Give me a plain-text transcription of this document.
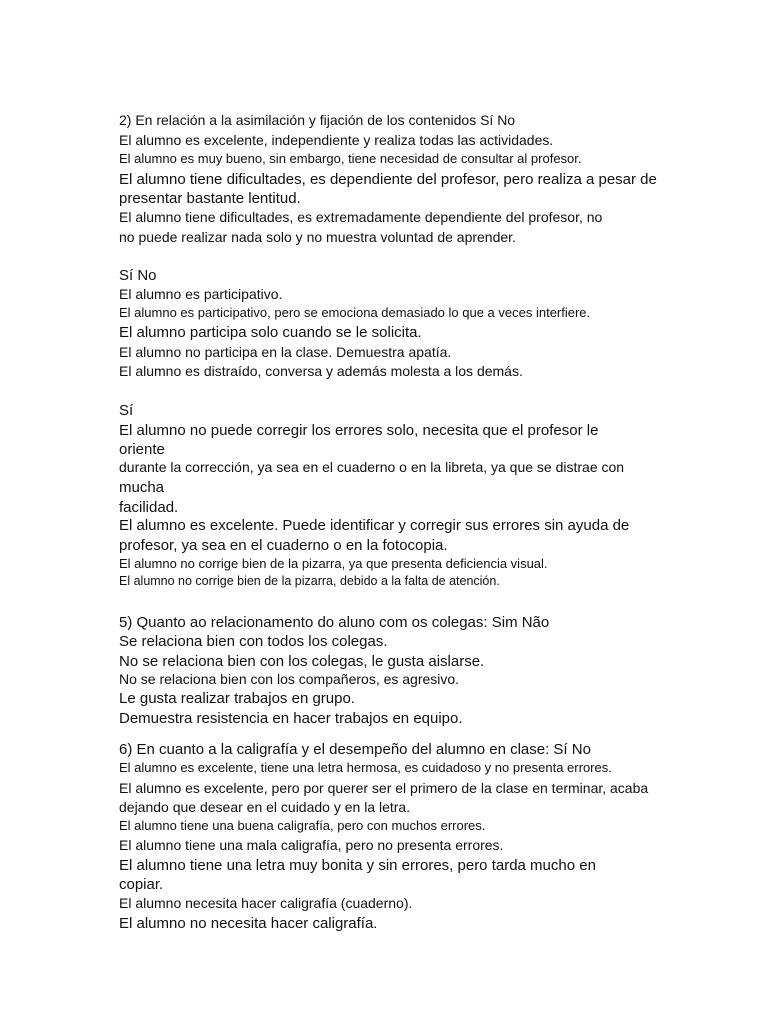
2) En relación a la asimilación y fijación de los contenidos Sí No
El alumno es excelente, independiente y realiza todas las actividades.
El alumno es muy bueno, sin embargo, tiene necesidad de consultar al profesor.
El alumno tiene dificultades, es dependiente del profesor, pero realiza a pesar de
presentar bastante lentitud.
El alumno tiene dificultades, es extremadamente dependiente del profesor, no
no puede realizar nada solo y no muestra voluntad de aprender.
Sí No
El alumno es participativo.
El alumno es participativo, pero se emociona demasiado lo que a veces interfiere.
El alumno participa solo cuando se le solicita.
El alumno no participa en la clase. Demuestra apatía.
El alumno es distraído, conversa y además molesta a los demás.
Sí
El alumno no puede corregir los errores solo, necesita que el profesor le
oriente
durante la corrección, ya sea en el cuaderno o en la libreta, ya que se distrae con
mucha
facilidad.
El alumno es excelente. Puede identificar y corregir sus errores sin ayuda de
profesor, ya sea en el cuaderno o en la fotocopia.
El alumno no corrige bien de la pizarra, ya que presenta deficiencia visual.
El alumno no corrige bien de la pizarra, debido a la falta de atención.
5) Quanto ao relacionamento do aluno com os colegas: Sim Não
Se relaciona bien con todos los colegas.
No se relaciona bien con los colegas, le gusta aislarse.
No se relaciona bien con los compañeros, es agresivo.
Le gusta realizar trabajos en grupo.
Demuestra resistencia en hacer trabajos en equipo.
6) En cuanto a la caligrafía y el desempeño del alumno en clase: Sí No
El alumno es excelente, tiene una letra hermosa, es cuidadoso y no presenta errores.
El alumno es excelente, pero por querer ser el primero de la clase en terminar, acaba
dejando que desear en el cuidado y en la letra.
El alumno tiene una buena caligrafía, pero con muchos errores.
El alumno tiene una mala caligrafía, pero no presenta errores.
El alumno tiene una letra muy bonita y sin errores, pero tarda mucho en
copiar.
El alumno necesita hacer caligrafía (cuaderno).
El alumno no necesita hacer caligrafía.
